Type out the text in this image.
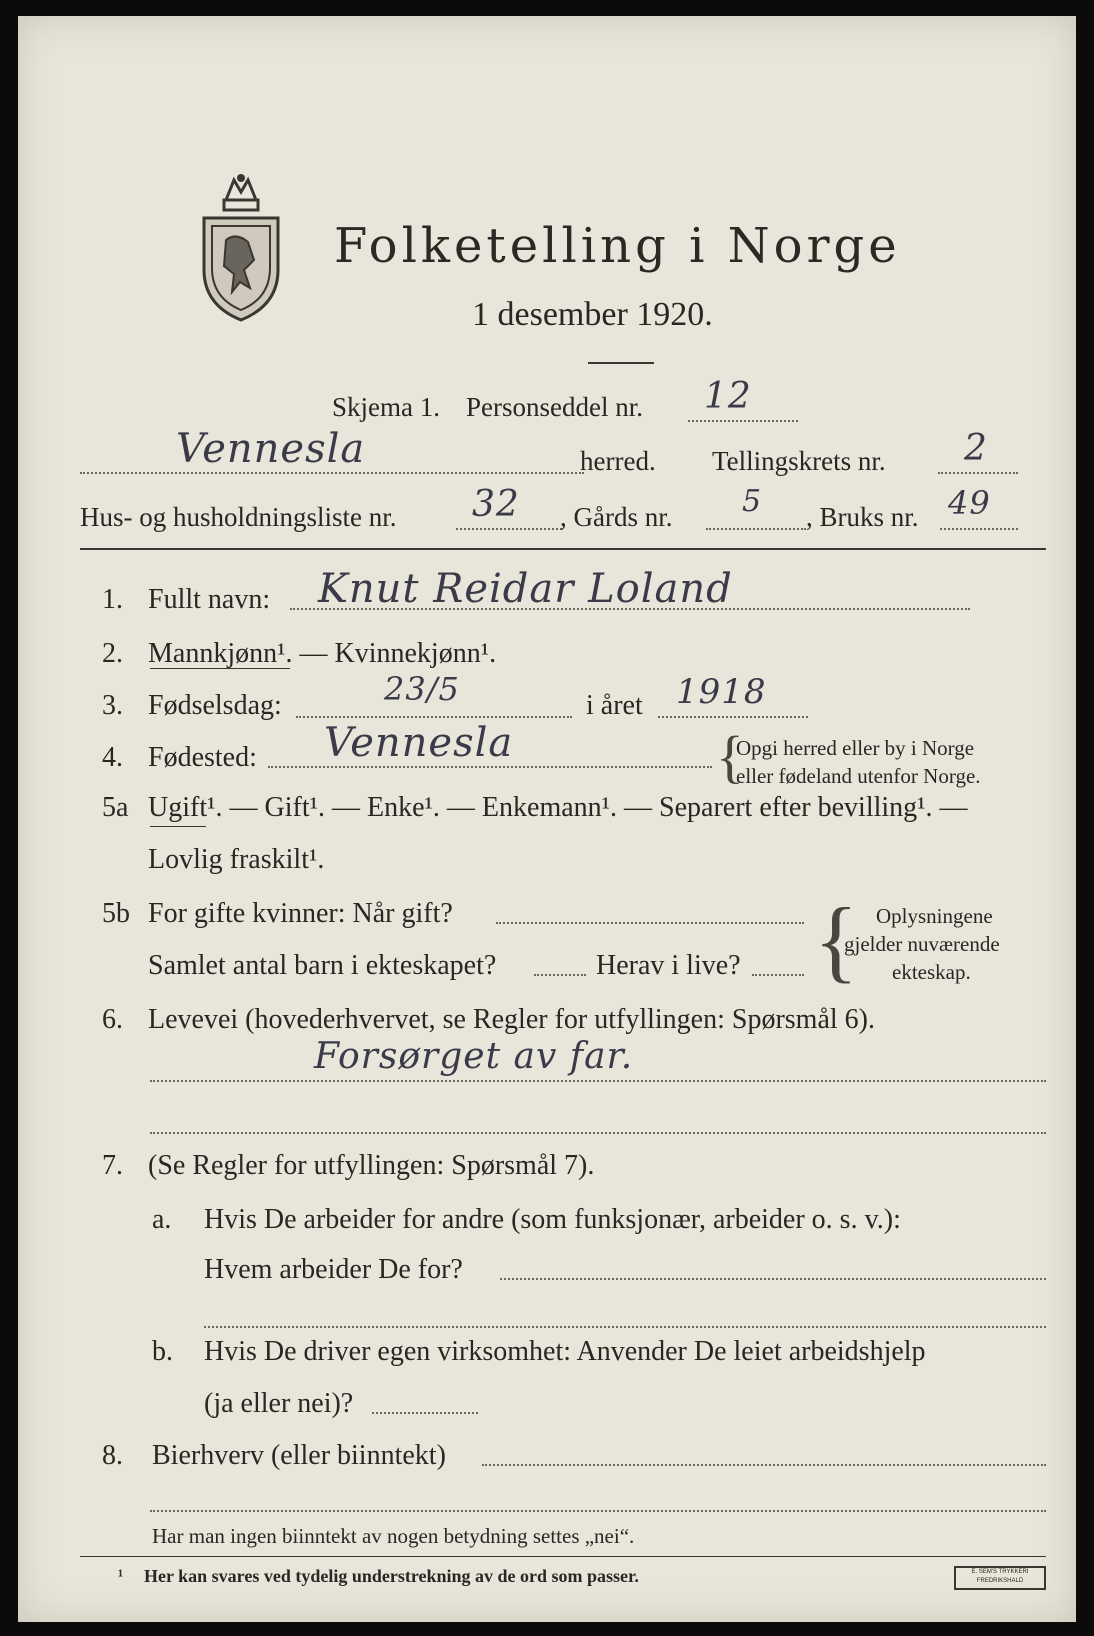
Folketelling i Norge
1 desember 1920.
Skjema 1. Personseddel nr. 12
Vennesla	herred. Tellingskrets nr. 2
Hus- og husholdningsliste nr. 32 , Gårds nr. 5 , Bruks nr. 49
1. Fullt navn: Knut Reidar Loland
2. Mannkjønn¹. — Kvinnekjønn¹.
3. Fødselsdag:	23/5	i året 1918
4. Fødested: Vennesla	{
Opgi herred eller by i Norge
eller fødeland utenfor Norge.
5a Ugift¹. — Gift¹. — Enke¹. — Enkemann¹. — Separert efter bevilling¹. —
Lovlig fraskilt¹.
5b For gifte kvinner: Når gift?
Samlet antal barn i ekteskapet?	Herav i live? { Oplysningene
gjelder nuværende
ekteskap.
6. Levevei (hovederhvervet, se Regler for utfyllingen: Spørsmål 6).
Forsørget av far.
7. (Se Regler for utfyllingen: Spørsmål 7).
a. Hvis De arbeider for andre (som funksjonær, arbeider o. s. v.):
Hvem arbeider De for?
b. Hvis De driver egen virksomhet: Anvender De leiet arbeidshjelp
(ja eller nei)?
8. Bierhverv (eller biinntekt)
Har man ingen biinntekt av nogen betydning settes „nei“.
¹ Her kan svares ved tydelig understrekning av de ord som passer.	E. SEM'S TRYKKERI FREDRIKSHALD
